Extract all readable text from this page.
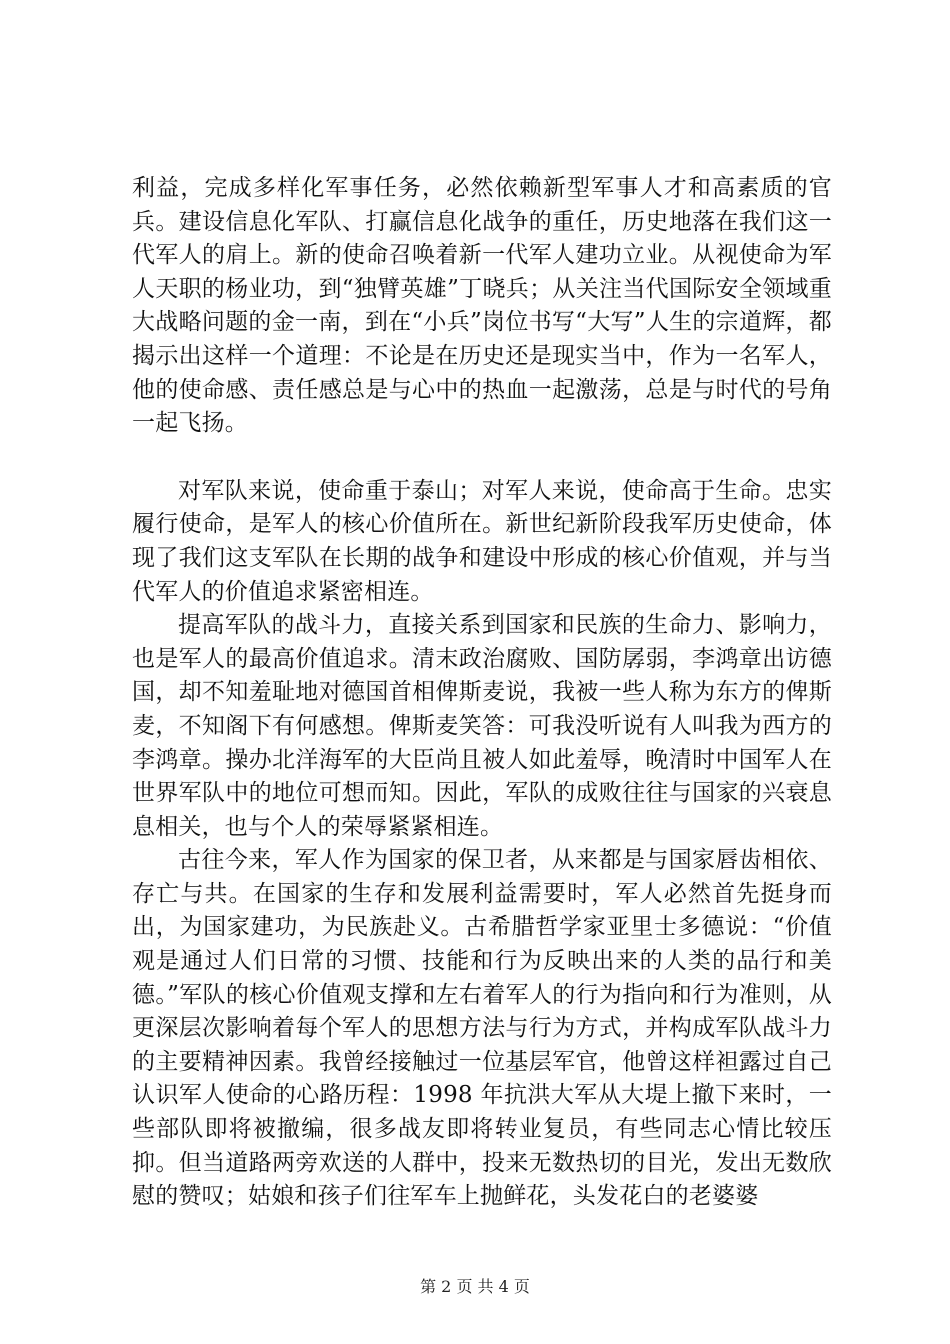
利益，完成多样化军事任务，必然依赖新型军事人才和高素质的官兵。建设信息化军队、打赢信息化战争的重任，历史地落在我们这一代军人的肩上。新的使命召唤着新一代军人建功立业。从视使命为军人天职的杨业功，到“独臂英雄”丁晓兵；从关注当代国际安全领域重大战略问题的金一南，到在“小兵”岗位书写“大写”人生的宗道辉，都揭示出这样一个道理：不论是在历史还是现实当中，作为一名军人，他的使命感、责任感总是与心中的热血一起激荡，总是与时代的号角一起飞扬。

对军队来说，使命重于泰山；对军人来说，使命高于生命。忠实履行使命，是军人的核心价值所在。新世纪新阶段我军历史使命，体现了我们这支军队在长期的战争和建设中形成的核心价值观，并与当代军人的价值追求紧密相连。

提高军队的战斗力，直接关系到国家和民族的生命力、影响力，也是军人的最高价值追求。清末政治腐败、国防孱弱，李鸿章出访德国，却不知羞耻地对德国首相俾斯麦说，我被一些人称为东方的俾斯麦，不知阁下有何感想。俾斯麦笑答：可我没听说有人叫我为西方的李鸿章。操办北洋海军的大臣尚且被人如此羞辱，晚清时中国军人在世界军队中的地位可想而知。因此，军队的成败往往与国家的兴衰息息相关，也与个人的荣辱紧紧相连。

古往今来，军人作为国家的保卫者，从来都是与国家唇齿相依、存亡与共。在国家的生存和发展利益需要时，军人必然首先挺身而出，为国家建功，为民族赴义。古希腊哲学家亚里士多德说：“价值观是通过人们日常的习惯、技能和行为反映出来的人类的品行和美德。”军队的核心价值观支撑和左右着军人的行为指向和行为准则，从更深层次影响着每个军人的思想方法与行为方式，并构成军队战斗力的主要精神因素。我曾经接触过一位基层军官，他曾这样袒露过自己认识军人使命的心路历程：1998 年抗洪大军从大堤上撤下来时，一些部队即将被撤编，很多战友即将转业复员，有些同志心情比较压抑。但当道路两旁欢送的人群中，投来无数热切的目光，发出无数欣慰的赞叹；姑娘和孩子们往军车上抛鲜花，头发花白的老婆婆

第 2 页 共 4 页
